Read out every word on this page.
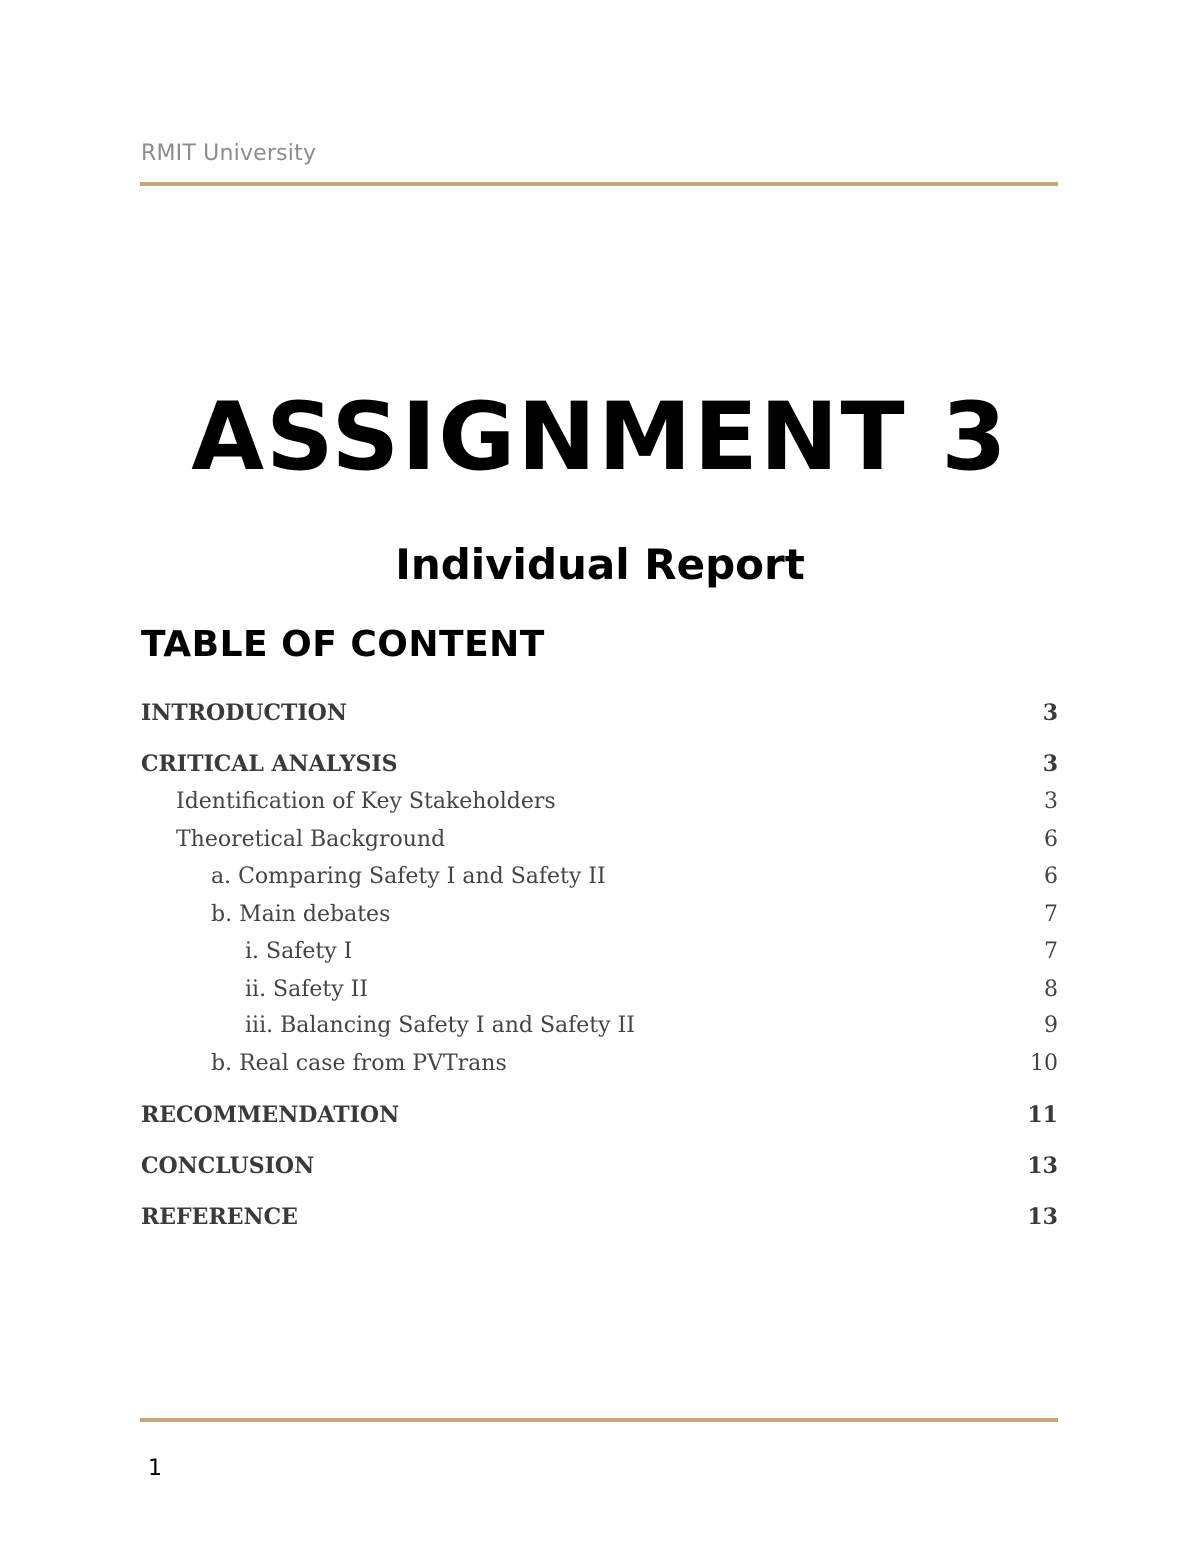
RMIT University
ASSIGNMENT 3
Individual Report
TABLE OF CONTENT
INTRODUCTION	3
CRITICAL ANALYSIS	3
Identification of Key Stakeholders	3
Theoretical Background	6
a. Comparing Safety I and Safety II	6
b. Main debates	7
i. Safety I	7
ii. Safety II	8
iii. Balancing Safety I and Safety II	9
b. Real case from PVTrans	10
RECOMMENDATION	11
CONCLUSION	13
REFERENCE	13
1
